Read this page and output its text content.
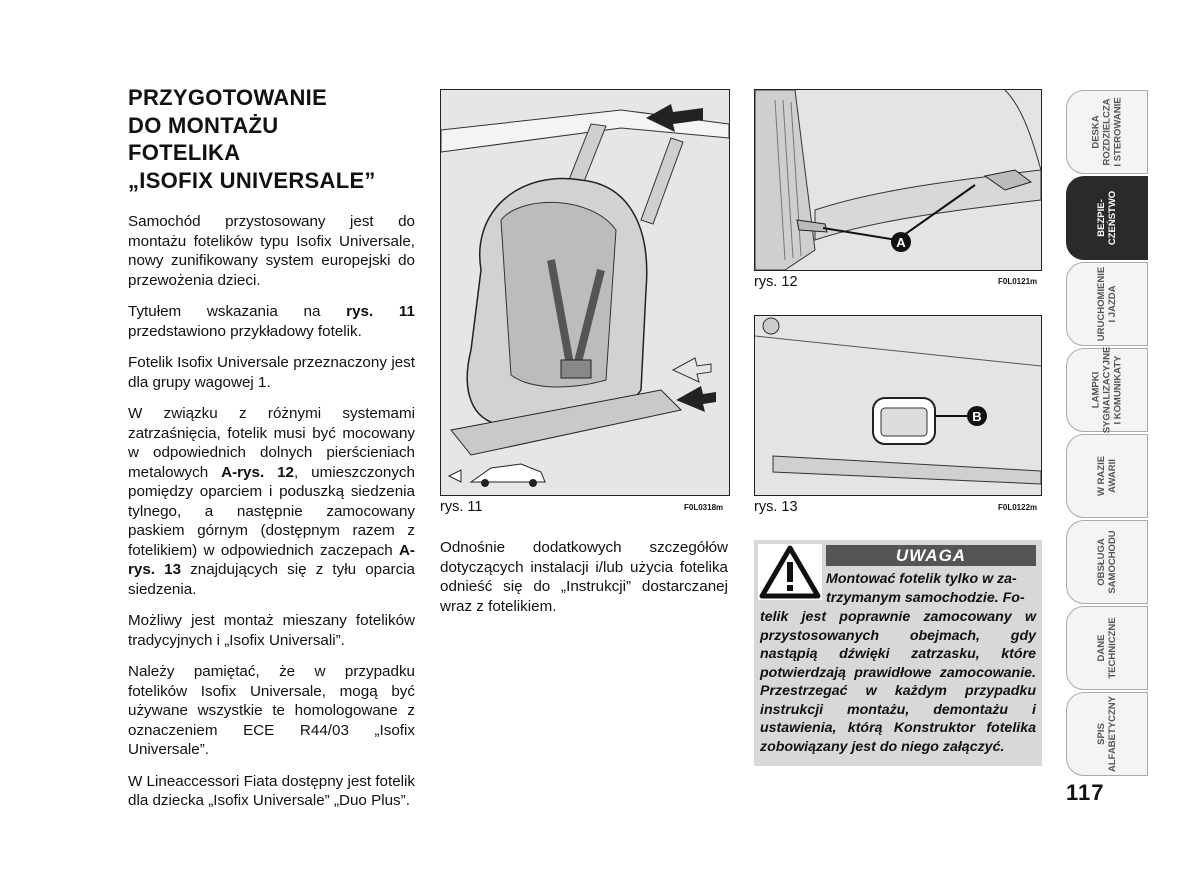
PRZYGOTOWANIE
DO MONTAŻU
FOTELIKA
„ISOFIX UNIVERSALE”

Samochód przystosowany jest do montażu fotelików typu Isofix Universale, nowy zunifikowany system europejski do przewożenia dzieci.

Tytułem wskazania na rys. 11 przedstawiono przykładowy fotelik.

Fotelik Isofix Universale przeznaczony jest dla grupy wagowej 1.

W związku z różnymi systemami zatrzaśnięcia, fotelik musi być mocowany w odpowiednich dolnych pierścieniach metalowych A-rys. 12, umieszczonych pomiędzy oparciem i poduszką siedzenia tylnego, a następnie zamocowany paskiem górnym (dostępnym razem z fotelikiem) w odpowiednich zaczepach A-rys. 13 znajdujących się z tyłu oparcia siedzenia.

Możliwy jest montaż mieszany fotelików tradycyjnych i „Isofix Universali”.

Należy pamiętać, że w przypadku fotelików Isofix Universale, mogą być używane wszystkie te homologowane z oznaczeniem ECE R44/03 „Isofix Universale”.

W Lineaccessori Fiata dostępny jest fotelik dla dziecka „Isofix Universale” „Duo Plus”.

rys. 11	F0L0318m
A
rys. 12	F0L0121m
B
rys. 13	F0L0122m

Odnośnie dodatkowych szczegółów dotyczących instalacji i/lub użycia fotelika odnieść się do „Instrukcji” dostarczanej wraz z fotelikiem.

UWAGA
Montować fotelik tylko w za-
trzymanym samochodzie. Fo-
telik jest poprawnie zamocowany w przystosowanych obejmach, gdy nastąpią dźwięki zatrzasku, które potwierdzają prawidłowe zamocowanie. Przestrzegać w każdym przypadku instrukcji montażu, demontażu i ustawienia, którą Konstruktor fotelika zobowiązany jest do niego załączyć.
DESKA ROZDZIELCZA I STEROWANIE
BEZPIE- CZEŃSTWO
URUCHOMIENIE I JAZDA
LAMPKI SYGNALIZACYJNE I KOMUNIKATY
W RAZIE AWARII
OBSŁUGA SAMOCHODU
DANE TECHNICZNE
SPIS ALFABETYCZNY
117
